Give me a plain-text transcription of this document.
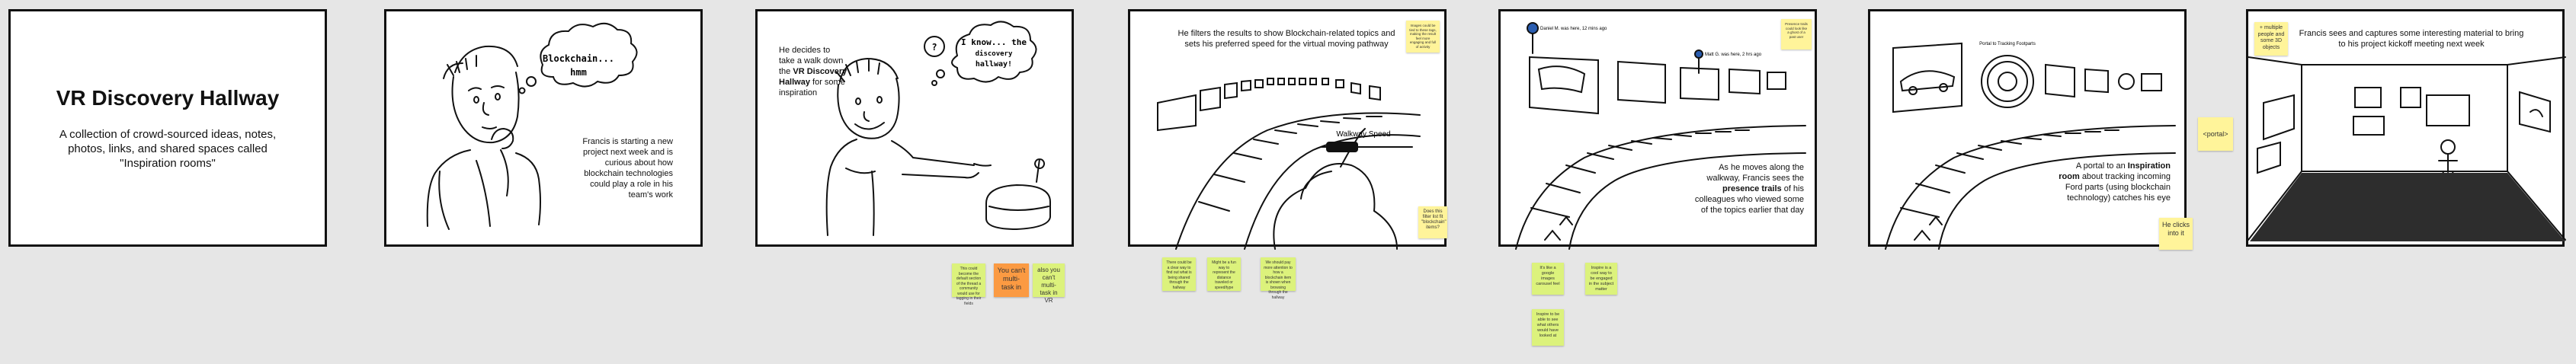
VR Discovery Hallway

A collection of crowd-sourced ideas, notes, photos, links, and shared spaces called "Inspiration rooms"

Blockchain...
hmm
Francis is starting a new project next week and is curious about how blockchain technologies could play a role in his team's work
He decides to take a walk down the VR Discovery Hallway for some inspiration
?	I know... the
discovery
hallway!
This could become the default section of the thread a community would use for tagging in their fields
You can't multi-task in
also you can't multi-task in VR
He filters the results to show Blockchain-related topics and sets his preferred speed for the virtual moving pathway
Images could be tied to these tags, making the result feel more engaging and full of activity
Walkway Speed
Does this filter list fit "blockchain" items?
There could be a clear way to find out what is being shared through the hallway
Might be a fun way to represent the distance traveled or speed/type
We should pay more attention to how a blockchain item is shown when browsing through the hallway
Presence trails could look like a ghost of a past user
Daniel M. was here, 12 mins ago
Matt G. was here, 2 hrs ago
As he moves along the walkway, Francis sees the presence trails of his colleagues who viewed some of the topics earlier that day
It's like a google images carousel feel
Inspire is a cool way to be engaged in the subject matter
Inspire to be able to see what others would have looked at
Portal to Tracking Footparts
A portal to an Inspiration room about tracking incoming Ford parts (using blockchain technology) catches his eye
He clicks into it
<portal>
+ multiple people and some 3D objects
Francis sees and captures some interesting material to bring to his project kickoff meeting next week
